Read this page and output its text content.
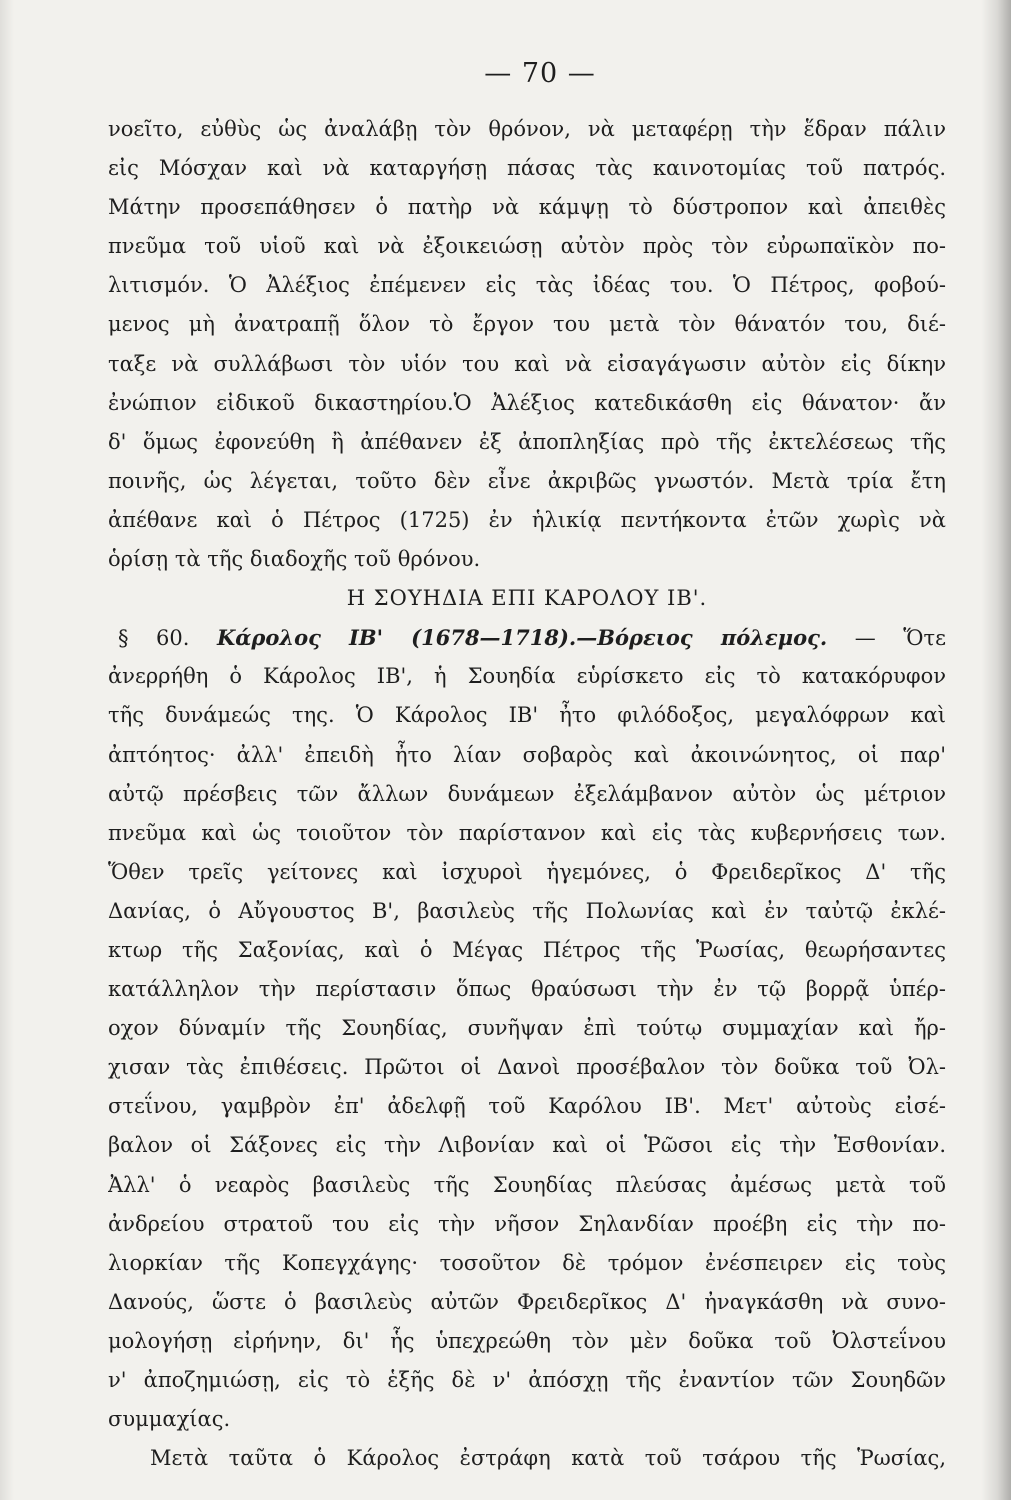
— 70 —
νοεῖτο, εὐθὺς ὡς ἀναλάβῃ τὸν θρόνον, νὰ μεταφέρῃ τὴν ἕδραν πάλιν
εἰς Μόσχαν καὶ νὰ καταργήσῃ πάσας τὰς καινοτομίας τοῦ πατρός.
Μάτην προσεπάθησεν ὁ πατὴρ νὰ κάμψῃ τὸ δύστροπον καὶ ἀπειθὲς
πνεῦμα τοῦ υἱοῦ καὶ νὰ ἐξοικειώσῃ αὐτὸν πρὸς τὸν εὐρωπαϊκὸν πο-
λιτισμόν. Ὁ Ἀλέξιος ἐπέμενεν εἰς τὰς ἰδέας του. Ὁ Πέτρος, φοβού-
μενος μὴ ἀνατραπῇ ὅλον τὸ ἔργον του μετὰ τὸν θάνατόν του, διέ-
ταξε νὰ συλλάβωσι τὸν υἱόν του καὶ νὰ εἰσαγάγωσιν αὐτὸν εἰς δίκην
ἐνώπιον εἰδικοῦ δικαστηρίου.Ὁ Ἀλέξιος κατεδικάσθη εἰς θάνατον· ἄν
δ' ὅμως ἐφονεύθη ἢ ἀπέθανεν ἐξ ἀποπληξίας πρὸ τῆς ἐκτελέσεως τῆς
ποινῆς, ὡς λέγεται, τοῦτο δὲν εἶνε ἀκριβῶς γνωστόν. Μετὰ τρία ἔτη
ἀπέθανε καὶ ὁ Πέτρος (1725) ἐν ἡλικίᾳ πεντήκοντα ἐτῶν χωρὶς νὰ
ὁρίσῃ τὰ τῆς διαδοχῆς τοῦ θρόνου.
Η ΣΟΥΗΔΙΑ ΕΠΙ ΚΑΡΟΛΟΥ ΙΒ'.
§ 60. Κάρολος ΙΒ' (1678—1718).—Βόρειος πόλεμος. — Ὅτε
ἀνερρήθη ὁ Κάρολος ΙΒ', ἡ Σουηδία εὑρίσκετο εἰς τὸ κατακόρυφον
τῆς δυνάμεώς της. Ὁ Κάρολος ΙΒ' ἦτο φιλόδοξος, μεγαλόφρων καὶ
ἀπτόητος· ἀλλ' ἐπειδὴ ἦτο λίαν σοβαρὸς καὶ ἀκοινώνητος, οἱ παρ'
αὐτῷ πρέσβεις τῶν ἄλλων δυνάμεων ἐξελάμβανον αὐτὸν ὡς μέτριον
πνεῦμα καὶ ὡς τοιοῦτον τὸν παρίστανον καὶ εἰς τὰς κυβερνήσεις των.
Ὅθεν τρεῖς γείτονες καὶ ἰσχυροὶ ἡγεμόνες, ὁ Φρειδερῖκος Δ' τῆς
Δανίας, ὁ Αὔγουστος Β', βασιλεὺς τῆς Πολωνίας καὶ ἐν ταὐτῷ ἐκλέ-
κτωρ τῆς Σαξονίας, καὶ ὁ Μέγας Πέτρος τῆς Ῥωσίας, θεωρήσαντες
κατάλληλον τὴν περίστασιν ὅπως θραύσωσι τὴν ἐν τῷ βορρᾷ ὑπέρ-
οχον δύναμίν τῆς Σουηδίας, συνῆψαν ἐπὶ τούτῳ συμμαχίαν καὶ ἤρ-
χισαν τὰς ἐπιθέσεις. Πρῶτοι οἱ Δανοὶ προσέβαλον τὸν δοῦκα τοῦ Ὀλ-
στεΐνου, γαμβρὸν ἐπ' ἀδελφῇ τοῦ Καρόλου ΙΒ'. Μετ' αὐτοὺς εἰσέ-
βαλον οἱ Σάξονες εἰς τὴν Λιβονίαν καὶ οἱ Ῥῶσοι εἰς τὴν Ἐσθονίαν.
Ἀλλ' ὁ νεαρὸς βασιλεὺς τῆς Σουηδίας πλεύσας ἀμέσως μετὰ τοῦ
ἀνδρείου στρατοῦ του εἰς τὴν νῆσον Σηλανδίαν προέβη εἰς τὴν πο-
λιορκίαν τῆς Κοπεγχάγης· τοσοῦτον δὲ τρόμον ἐνέσπειρεν εἰς τοὺς
Δανούς, ὥστε ὁ βασιλεὺς αὐτῶν Φρειδερῖκος Δ' ἠναγκάσθη νὰ συνο-
μολογήσῃ εἰρήνην, δι' ἧς ὑπεχρεώθη τὸν μὲν δοῦκα τοῦ Ὀλστεΐνου
ν' ἀποζημιώσῃ, εἰς τὸ ἑξῆς δὲ ν' ἀπόσχῃ τῆς ἐναντίον τῶν Σουηδῶν
συμμαχίας.
Μετὰ ταῦτα ὁ Κάρολος ἐστράφη κατὰ τοῦ τσάρου τῆς Ῥωσίας,
